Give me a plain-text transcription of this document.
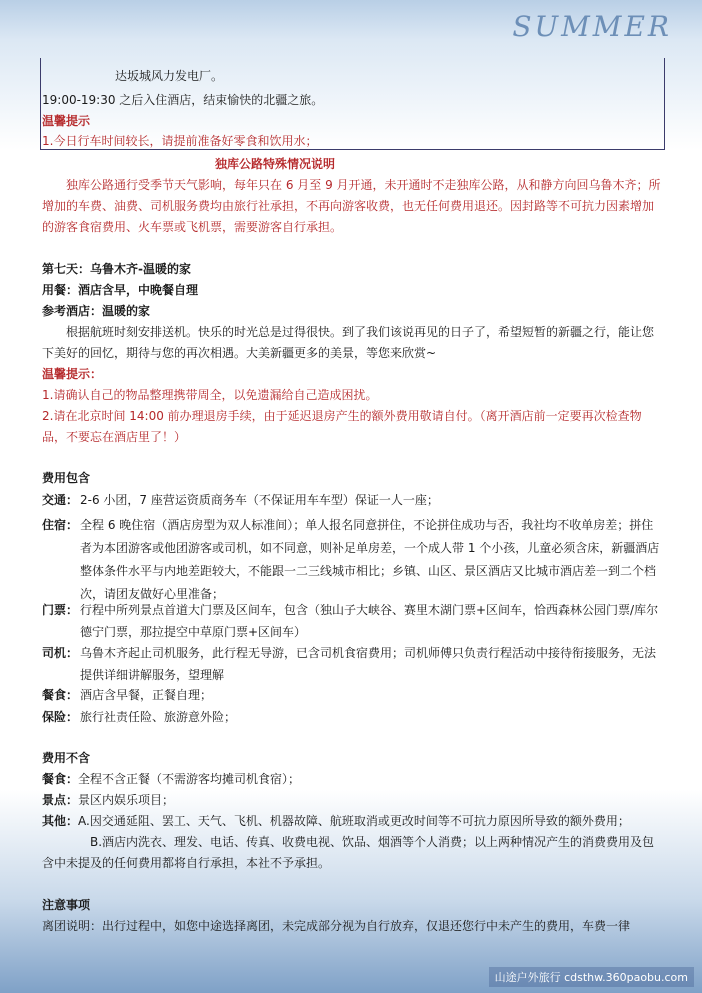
SUMMER
达坂城风力发电厂。
19:00-19:30 之后入住酒店，结束愉快的北疆之旅。
温馨提示
1.今日行车时间较长，请提前准备好零食和饮用水；
独库公路特殊情况说明
独库公路通行受季节天气影响，每年只在 6 月至 9 月开通，未开通时不走独库公路，从和静方向回乌鲁木齐；所增加的车费、油费、司机服务费均由旅行社承担，不再向游客收费，也无任何费用退还。因封路等不可抗力因素增加的游客食宿费用、火车票或飞机票，需要游客自行承担。
第七天：乌鲁木齐-温暖的家
用餐：酒店含早，中晚餐自理
参考酒店：温暖的家
根据航班时刻安排送机。快乐的时光总是过得很快。到了我们该说再见的日子了，希望短暂的新疆之行，能让您下美好的回忆，期待与您的再次相遇。大美新疆更多的美景，等您来欣赏~
温馨提示：
1.请确认自己的物品整理携带周全，以免遗漏给自己造成困扰。
2.请在北京时间 14:00 前办理退房手续，由于延迟退房产生的额外费用敬请自付。（离开酒店前一定要再次检查物品，不要忘在酒店里了！）
费用包含
交通： 2-6 小团，7 座营运资质商务车（不保证用车车型）保证一人一座；
住宿： 全程 6 晚住宿（酒店房型为双人标准间）；单人报名同意拼住，不论拼住成功与否，我社均不收单房差；拼住者为本团游客或他团游客或司机，如不同意，则补足单房差，一个成人带 1 个小孩，儿童必须含床，新疆酒店整体条件水平与内地差距较大，不能跟一二三线城市相比；乡镇、山区、景区酒店又比城市酒店差一到二个档次，请团友做好心里准备；
门票： 行程中所列景点首道大门票及区间车，包含（独山子大峡谷、赛里木湖门票+区间车，恰西森林公园门票/库尔德宁门票，那拉提空中草原门票+区间车）
司机： 乌鲁木齐起止司机服务，此行程无导游，已含司机食宿费用；司机师傅只负责行程活动中接待衔接服务，无法提供详细讲解服务，望理解
餐食： 酒店含早餐，正餐自理；
保险： 旅行社责任险、旅游意外险；
费用不含
餐食：全程不含正餐（不需游客均摊司机食宿）；
景点：景区内娱乐项目；
其他：A.因交通延阻、罢工、天气、飞机、机器故障、航班取消或更改时间等不可抗力原因所导致的额外费用；
B.酒店内洗衣、理发、电话、传真、收费电视、饮品、烟酒等个人消费；以上两种情况产生的消费费用及包含中未提及的任何费用都将自行承担，本社不予承担。
注意事项
离团说明：出行过程中，如您中途选择离团，未完成部分视为自行放弃，仅退还您行中未产生的费用，车费一律
山途户外旅行 cdsthw.360paobu.com
